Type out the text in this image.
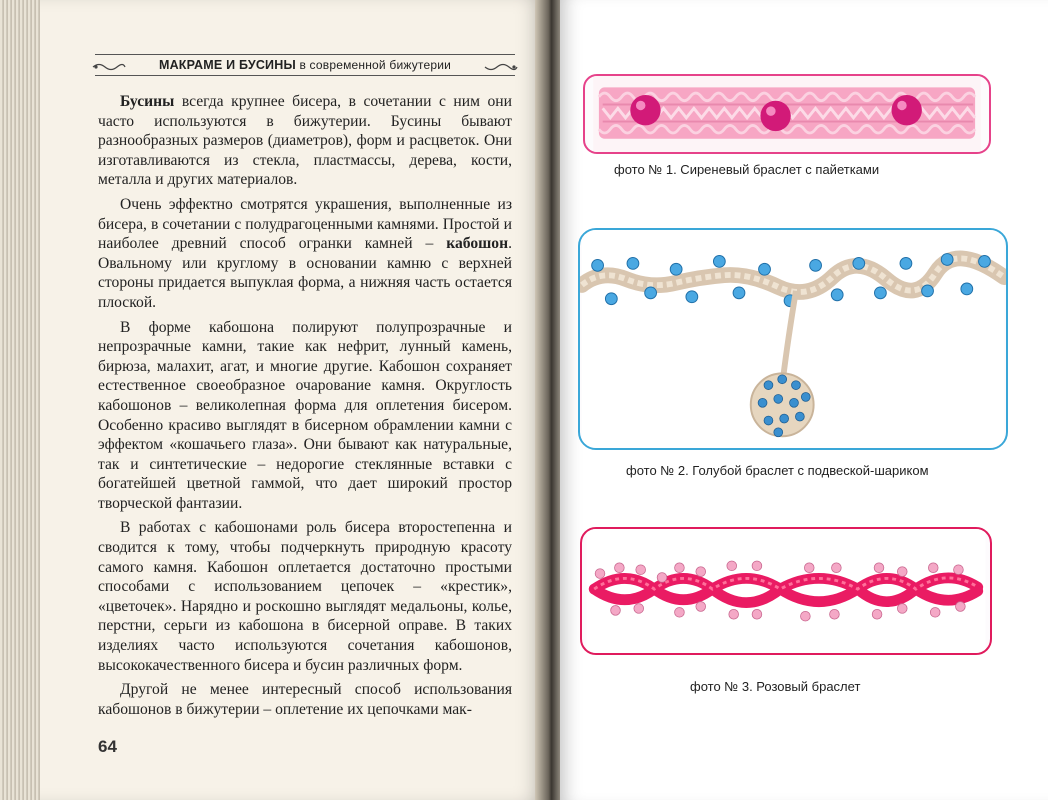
МАКРАМЕ И БУСИНЫ в современной бижутерии

Бусины всегда крупнее бисера, в сочетании с ним они часто используются в бижутерии. Бусины бывают разнообразных размеров (диаметров), форм и расцветок. Они изготавливаются из стекла, пластмассы, дерева, кости, металла и других материалов.

Очень эффектно смотрятся украшения, выполненные из бисера, в сочетании с полудрагоценными камнями. Простой и наиболее древний способ огранки камней – кабошон. Овальному или круглому в основании камню с верхней стороны придается выпуклая форма, а нижняя часть остается плоской.

В форме кабошона полируют полупрозрачные и непрозрачные камни, такие как нефрит, лунный камень, бирюза, малахит, агат, и многие другие. Кабошон сохраняет естественное своеобразное очарование камня. Округлость кабошонов – великолепная форма для оплетения бисером. Особенно красиво выглядят в бисерном обрамлении камни с эффектом «кошачьего глаза». Они бывают как натуральные, так и синтетические – недорогие стеклянные вставки с богатейшей цветной гаммой, что дает широкий простор творческой фантазии.

В работах с кабошонами роль бисера второстепенна и сводится к тому, чтобы подчеркнуть природную красоту самого камня. Кабошон оплетается достаточно простыми способами с использованием цепочек – «крестик», «цветочек». Нарядно и роскошно выглядят медальоны, колье, перстни, серьги из кабошона в бисерной оправе. В таких изделиях часто используются сочетания кабошонов, высококачественного бисера и бусин различных форм.

Другой не менее интересный способ использования кабошонов в бижутерии – оплетение их цепочками мак-

64
фото № 1. Сиреневый браслет с пайетками
фото № 2. Голубой браслет с подвеской-шариком
фото № 3. Розовый браслет
